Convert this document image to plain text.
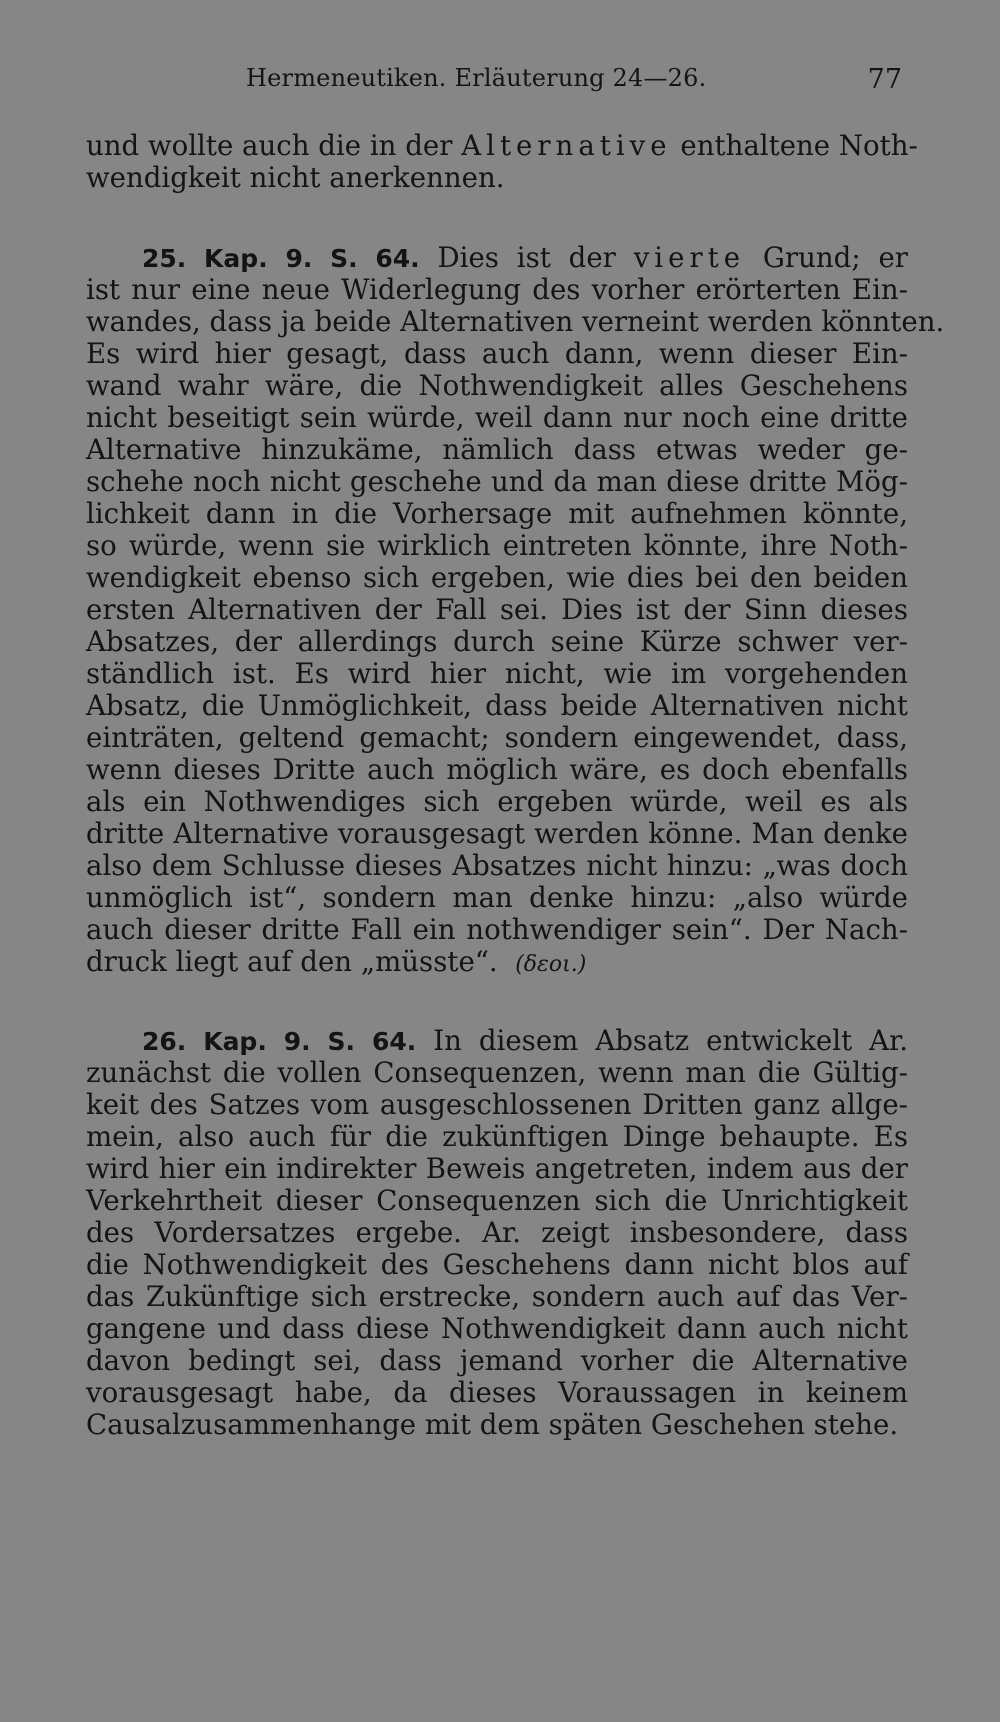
Hermeneutiken. Erläuterung 24—26.	77
und wollte auch die in der Alternative enthaltene Noth-
wendigkeit nicht anerkennen.
25. Kap. 9. S. 64. Dies ist der vierte Grund; er
ist nur eine neue Widerlegung des vorher erörterten Ein-
wandes, dass ja beide Alternativen verneint werden könnten.
Es wird hier gesagt, dass auch dann, wenn dieser Ein-
wand wahr wäre, die Nothwendigkeit alles Geschehens
nicht beseitigt sein würde, weil dann nur noch eine dritte
Alternative hinzukäme, nämlich dass etwas weder ge-
schehe noch nicht geschehe und da man diese dritte Mög-
lichkeit dann in die Vorhersage mit aufnehmen könnte,
so würde, wenn sie wirklich eintreten könnte, ihre Noth-
wendigkeit ebenso sich ergeben, wie dies bei den beiden
ersten Alternativen der Fall sei. Dies ist der Sinn dieses
Absatzes, der allerdings durch seine Kürze schwer ver-
ständlich ist. Es wird hier nicht, wie im vorgehenden
Absatz, die Unmöglichkeit, dass beide Alternativen nicht
einträten, geltend gemacht; sondern eingewendet, dass,
wenn dieses Dritte auch möglich wäre, es doch ebenfalls
als ein Nothwendiges sich ergeben würde, weil es als
dritte Alternative vorausgesagt werden könne. Man denke
also dem Schlusse dieses Absatzes nicht hinzu: „was doch
unmöglich ist“, sondern man denke hinzu: „also würde
auch dieser dritte Fall ein nothwendiger sein“. Der Nach-
druck liegt auf den „müsste“. (δεοι.)
26. Kap. 9. S. 64. In diesem Absatz entwickelt Ar.
zunächst die vollen Consequenzen, wenn man die Gültig-
keit des Satzes vom ausgeschlossenen Dritten ganz allge-
mein, also auch für die zukünftigen Dinge behaupte. Es
wird hier ein indirekter Beweis angetreten, indem aus der
Verkehrtheit dieser Consequenzen sich die Unrichtigkeit
des Vordersatzes ergebe. Ar. zeigt insbesondere, dass
die Nothwendigkeit des Geschehens dann nicht blos auf
das Zukünftige sich erstrecke, sondern auch auf das Ver-
gangene und dass diese Nothwendigkeit dann auch nicht
davon bedingt sei, dass jemand vorher die Alternative
vorausgesagt habe, da dieses Voraussagen in keinem
Causalzusammenhange mit dem späten Geschehen stehe.
